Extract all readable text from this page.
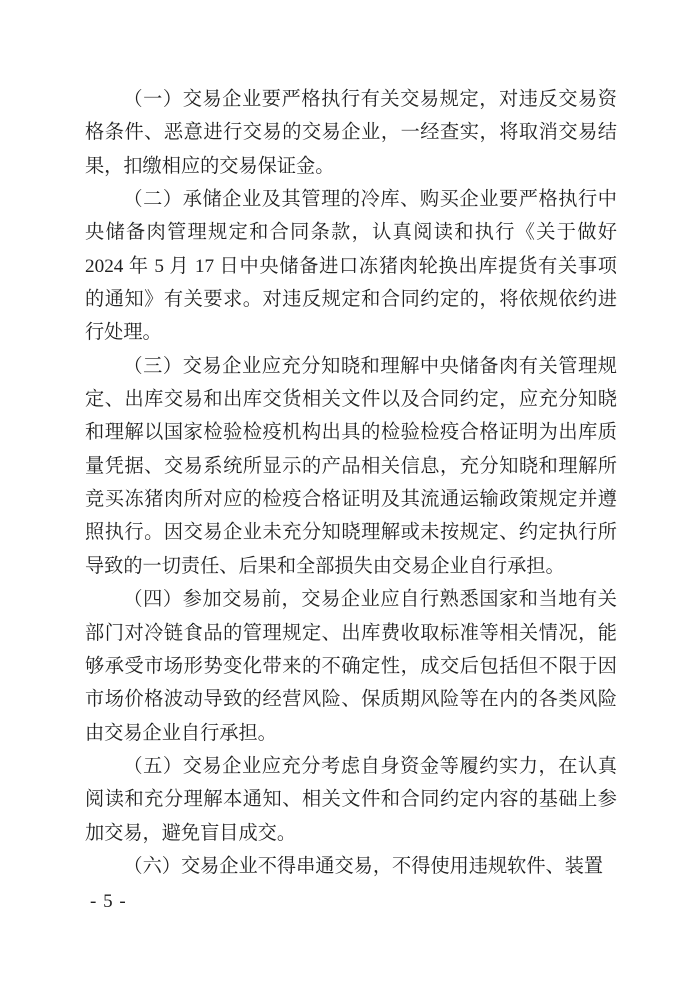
（一）交易企业要严格执行有关交易规定，对违反交易资格条件、恶意进行交易的交易企业，一经查实，将取消交易结果，扣缴相应的交易保证金。

（二）承储企业及其管理的冷库、购买企业要严格执行中央储备肉管理规定和合同条款，认真阅读和执行《关于做好 2024 年 5 月 17 日中央储备进口冻猪肉轮换出库提货有关事项的通知》有关要求。对违反规定和合同约定的，将依规依约进行处理。

（三）交易企业应充分知晓和理解中央储备肉有关管理规定、出库交易和出库交货相关文件以及合同约定，应充分知晓和理解以国家检验检疫机构出具的检验检疫合格证明为出库质量凭据、交易系统所显示的产品相关信息，充分知晓和理解所竞买冻猪肉所对应的检疫合格证明及其流通运输政策规定并遵照执行。因交易企业未充分知晓理解或未按规定、约定执行所导致的一切责任、后果和全部损失由交易企业自行承担。

（四）参加交易前，交易企业应自行熟悉国家和当地有关部门对冷链食品的管理规定、出库费收取标准等相关情况，能够承受市场形势变化带来的不确定性，成交后包括但不限于因市场价格波动导致的经营风险、保质期风险等在内的各类风险由交易企业自行承担。

（五）交易企业应充分考虑自身资金等履约实力，在认真阅读和充分理解本通知、相关文件和合同约定内容的基础上参加交易，避免盲目成交。

（六）交易企业不得串通交易，不得使用违规软件、装置

- 5 -
